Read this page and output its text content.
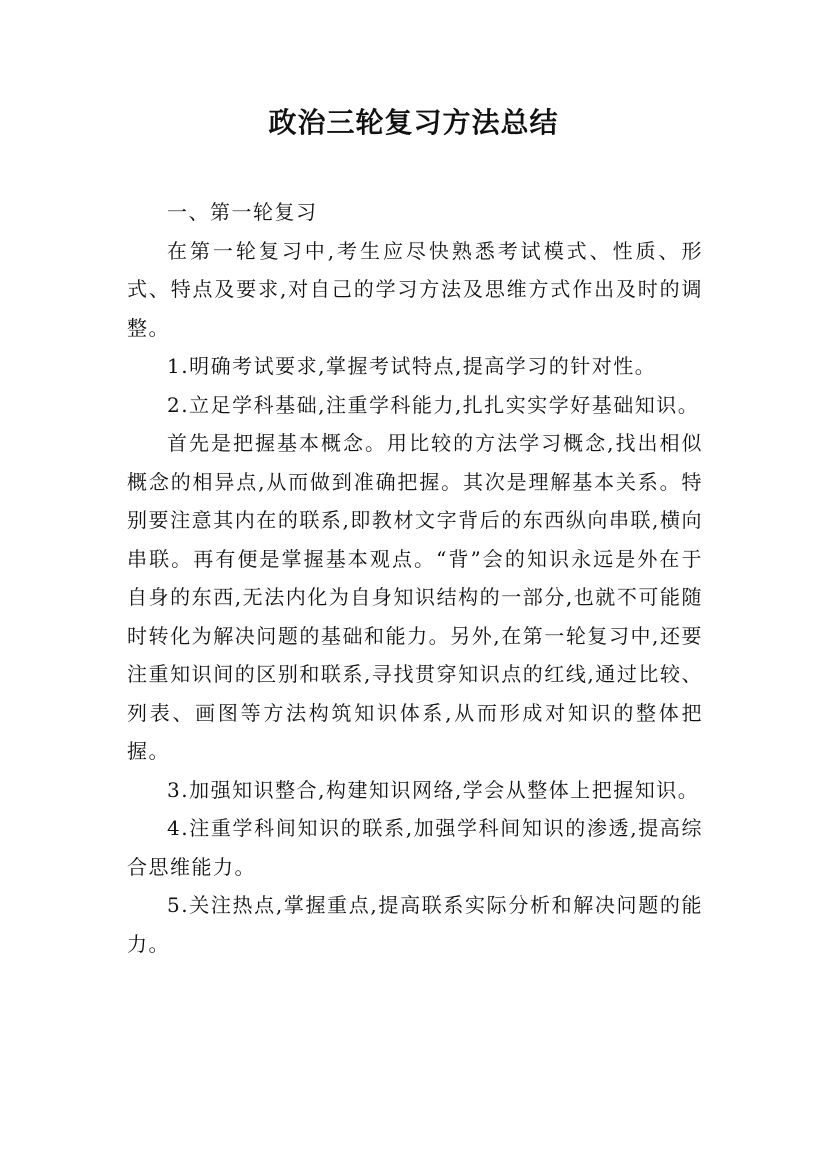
政治三轮复习方法总结

一、第一轮复习

在第一轮复习中,考生应尽快熟悉考试模式、性质、形式、特点及要求,对自己的学习方法及思维方式作出及时的调整。

1.明确考试要求,掌握考试特点,提高学习的针对性。

2.立足学科基础,注重学科能力,扎扎实实学好基础知识。

首先是把握基本概念。用比较的方法学习概念,找出相似概念的相异点,从而做到准确把握。其次是理解基本关系。特别要注意其内在的联系,即教材文字背后的东西纵向串联,横向串联。再有便是掌握基本观点。“背”会的知识永远是外在于自身的东西,无法内化为自身知识结构的一部分,也就不可能随时转化为解决问题的基础和能力。另外,在第一轮复习中,还要注重知识间的区别和联系,寻找贯穿知识点的红线,通过比较、列表、画图等方法构筑知识体系,从而形成对知识的整体把握。

3.加强知识整合,构建知识网络,学会从整体上把握知识。

4.注重学科间知识的联系,加强学科间知识的渗透,提高综合思维能力。

5.关注热点,掌握重点,提高联系实际分析和解决问题的能力。
